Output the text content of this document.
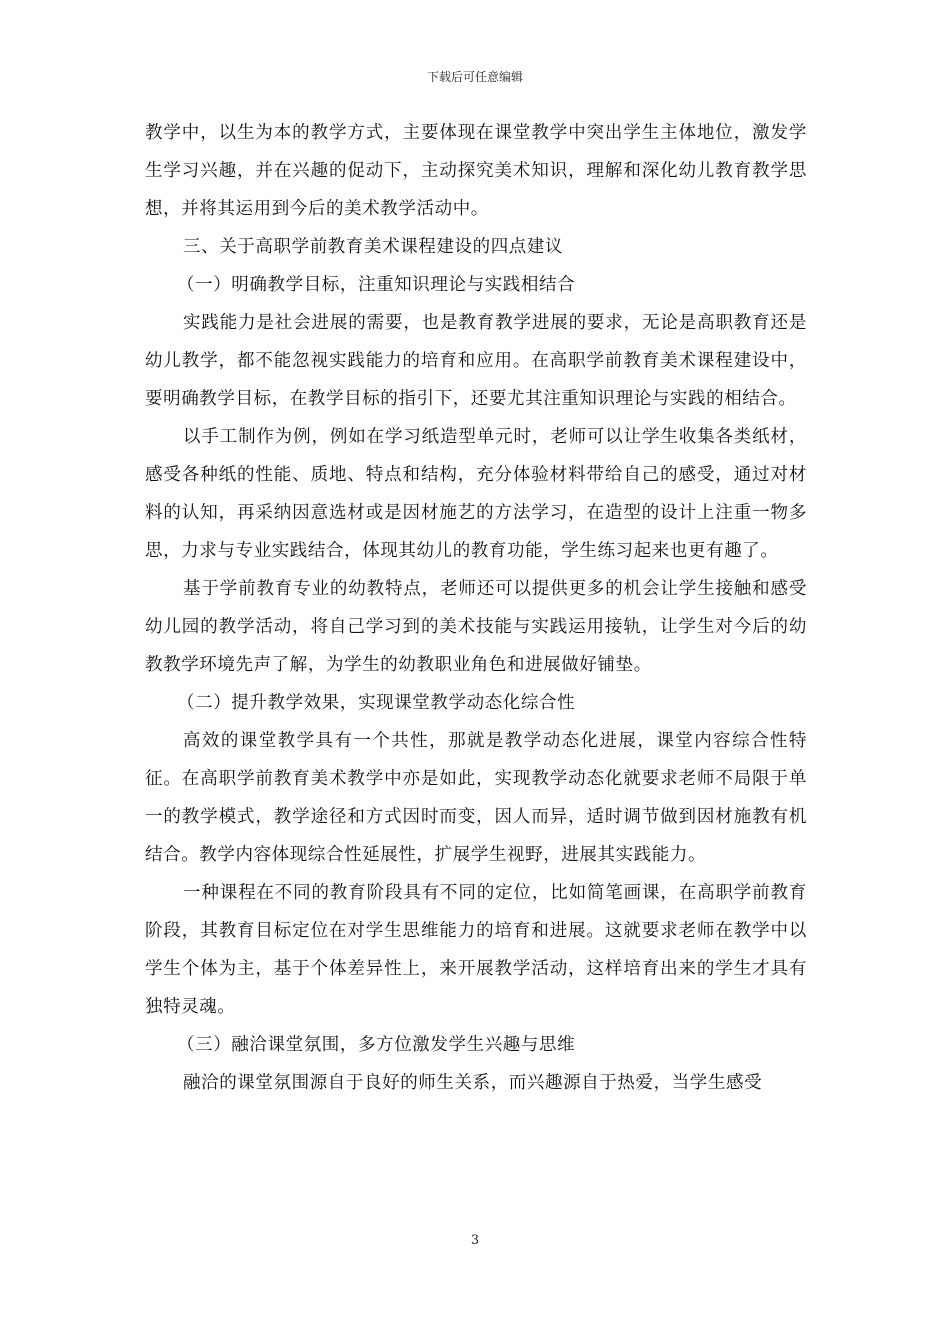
下载后可任意编辑

教学中，以生为本的教学方式，主要体现在课堂教学中突出学生主体地位，激发学生学习兴趣，并在兴趣的促动下，主动探究美术知识，理解和深化幼儿教育教学思想，并将其运用到今后的美术教学活动中。

三、关于高职学前教育美术课程建设的四点建议

（一）明确教学目标，注重知识理论与实践相结合

实践能力是社会进展的需要，也是教育教学进展的要求，无论是高职教育还是幼儿教学，都不能忽视实践能力的培育和应用。在高职学前教育美术课程建设中，要明确教学目标，在教学目标的指引下，还要尤其注重知识理论与实践的相结合。

以手工制作为例，例如在学习纸造型单元时，老师可以让学生收集各类纸材，感受各种纸的性能、质地、特点和结构，充分体验材料带给自己的感受，通过对材料的认知，再采纳因意选材或是因材施艺的方法学习，在造型的设计上注重一物多思，力求与专业实践结合，体现其幼儿的教育功能，学生练习起来也更有趣了。

基于学前教育专业的幼教特点，老师还可以提供更多的机会让学生接触和感受幼儿园的教学活动，将自己学习到的美术技能与实践运用接轨，让学生对今后的幼教教学环境先声了解，为学生的幼教职业角色和进展做好铺垫。

（二）提升教学效果，实现课堂教学动态化综合性

高效的课堂教学具有一个共性，那就是教学动态化进展，课堂内容综合性特征。在高职学前教育美术教学中亦是如此，实现教学动态化就要求老师不局限于单一的教学模式，教学途径和方式因时而变，因人而异，适时调节做到因材施教有机结合。教学内容体现综合性延展性，扩展学生视野，进展其实践能力。

一种课程在不同的教育阶段具有不同的定位，比如简笔画课，在高职学前教育阶段，其教育目标定位在对学生思维能力的培育和进展。这就要求老师在教学中以学生个体为主，基于个体差异性上，来开展教学活动，这样培育出来的学生才具有独特灵魂。

（三）融洽课堂氛围，多方位激发学生兴趣与思维

融洽的课堂氛围源自于良好的师生关系，而兴趣源自于热爱，当学生感受

3
